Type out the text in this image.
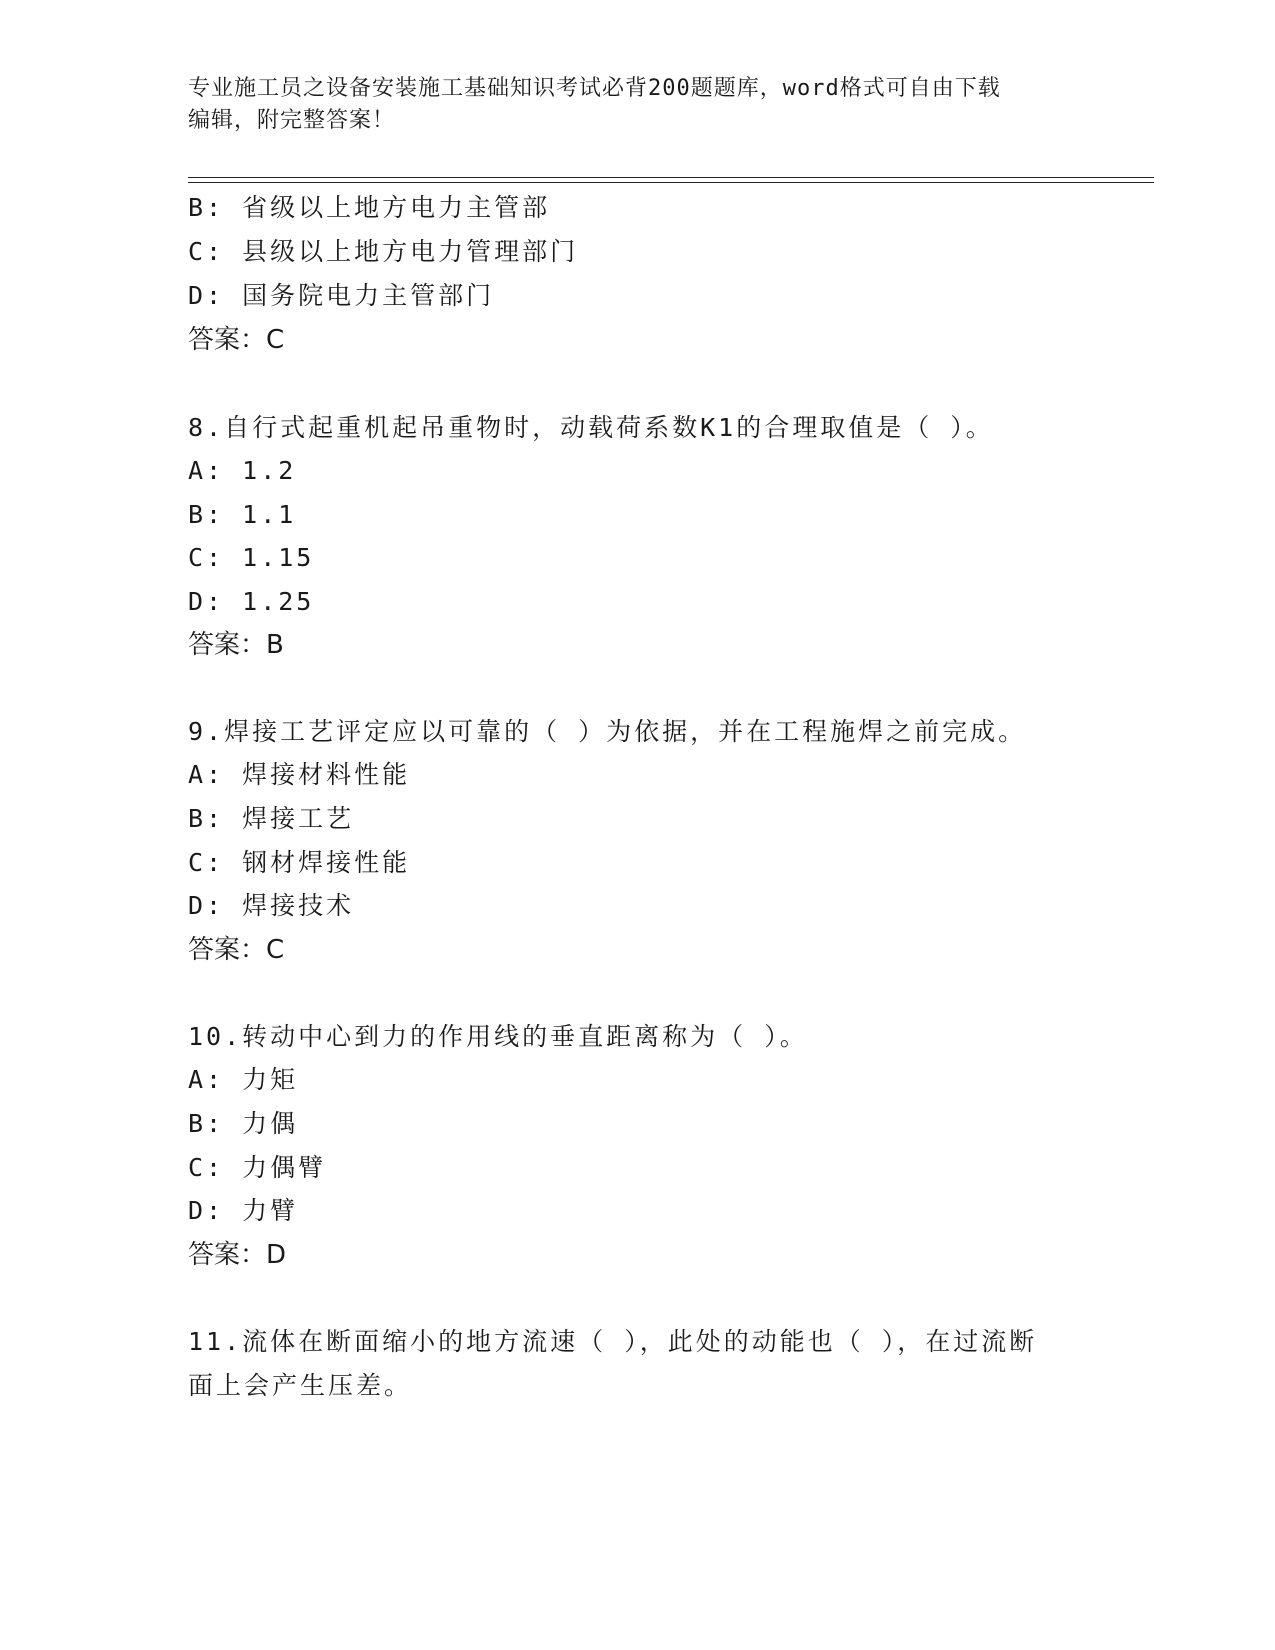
专业施工员之设备安装施工基础知识考试必背200题题库，word格式可自由下载
编辑，附完整答案！
B: 省级以上地方电力主管部
C: 县级以上地方电力管理部门
D: 国务院电力主管部门
答案：C
8.自行式起重机起吊重物时，动载荷系数K1的合理取值是（ ）。
A: 1.2
B: 1.1
C: 1.15
D: 1.25
答案：B
9.焊接工艺评定应以可靠的（ ）为依据，并在工程施焊之前完成。
A: 焊接材料性能
B: 焊接工艺
C: 钢材焊接性能
D: 焊接技术
答案：C
10.转动中心到力的作用线的垂直距离称为（ ）。
A: 力矩
B: 力偶
C: 力偶臂
D: 力臂
答案：D
11.流体在断面缩小的地方流速（ ），此处的动能也（ ），在过流断
面上会产生压差。
